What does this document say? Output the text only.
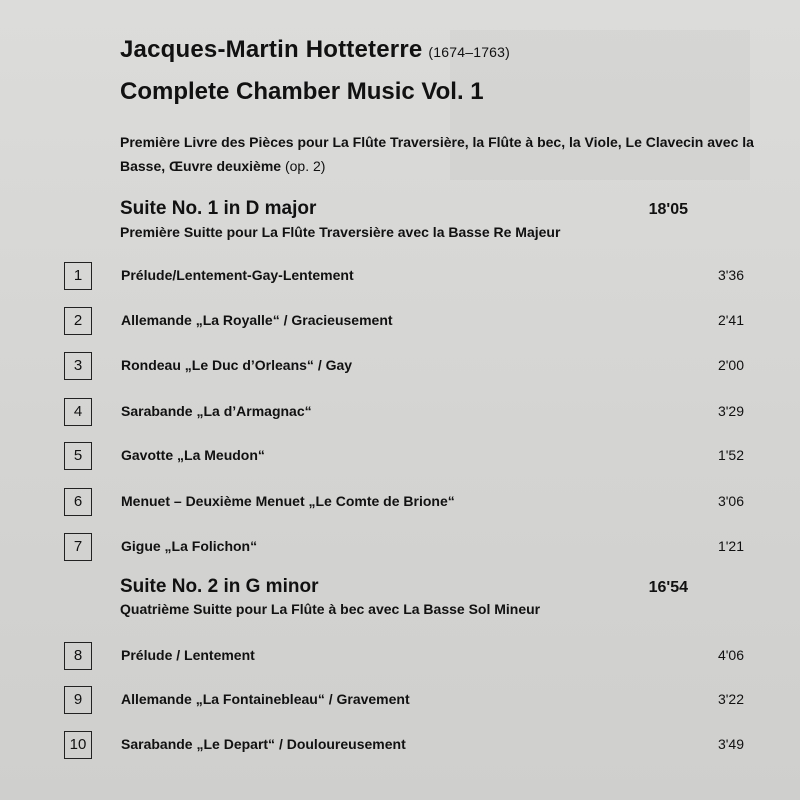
Jacques-Martin Hotteterre (1674–1763)
Complete Chamber Music Vol. 1
Première Livre des Pièces pour La Flûte Traversière, la Flûte à bec, la Viole, Le Clavecin avec la Basse, Œuvre deuxième (op. 2)
Suite No. 1 in D major	18'05
Première Suitte pour La Flûte Traversière avec la Basse Re Majeur
1	Prélude/Lentement-Gay-Lentement	3'36
2	Allemande „La Royalle“ / Gracieusement	2'41
3	Rondeau „Le Duc d’Orleans“ / Gay	2'00
4	Sarabande „La d’Armagnac“	3'29
5	Gavotte „La Meudon“	1'52
6	Menuet – Deuxième Menuet „Le Comte de Brione“	3'06
7	Gigue „La Folichon“	1'21
Suite No. 2 in G minor	16'54
Quatrième Suitte pour La Flûte à bec avec La Basse Sol Mineur
8	Prélude / Lentement	4'06
9	Allemande „La Fontainebleau“ / Gravement	3'22
10	Sarabande „Le Depart“ / Douloureusement	3'49
